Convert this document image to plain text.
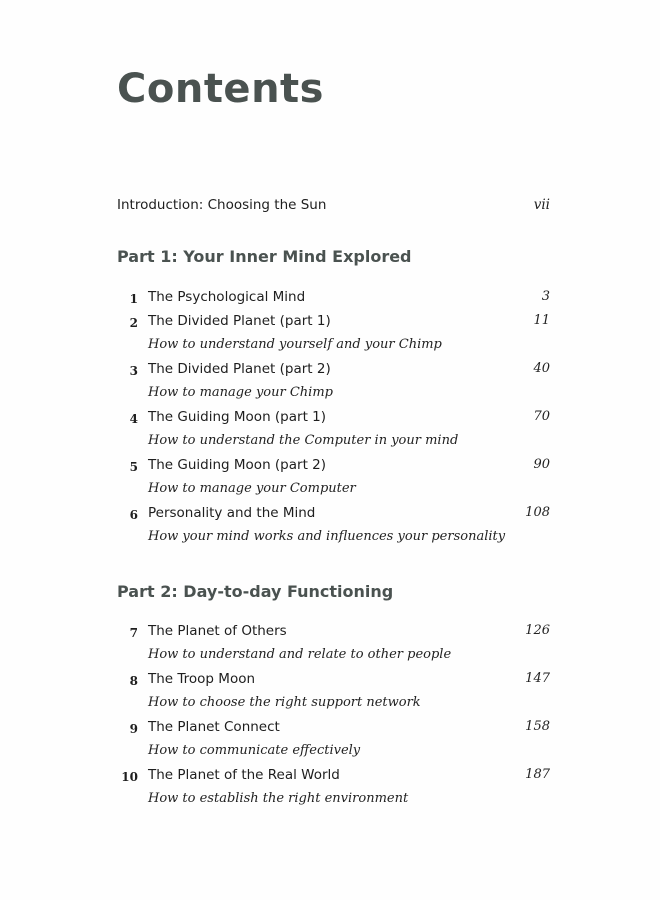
Contents
Introduction: Choosing the Sun	vii
Part 1: Your Inner Mind Explored
1 The Psychological Mind	3
2 The Divided Planet (part 1)	11
How to understand yourself and your Chimp
3 The Divided Planet (part 2)	40
How to manage your Chimp
4 The Guiding Moon (part 1)	70
How to understand the Computer in your mind
5 The Guiding Moon (part 2)	90
How to manage your Computer
6 Personality and the Mind	108
How your mind works and influences your personality
Part 2: Day-to-day Functioning
7 The Planet of Others	126
How to understand and relate to other people
8 The Troop Moon	147
How to choose the right support network
9 The Planet Connect	158
How to communicate effectively
10 The Planet of the Real World	187
How to establish the right environment
